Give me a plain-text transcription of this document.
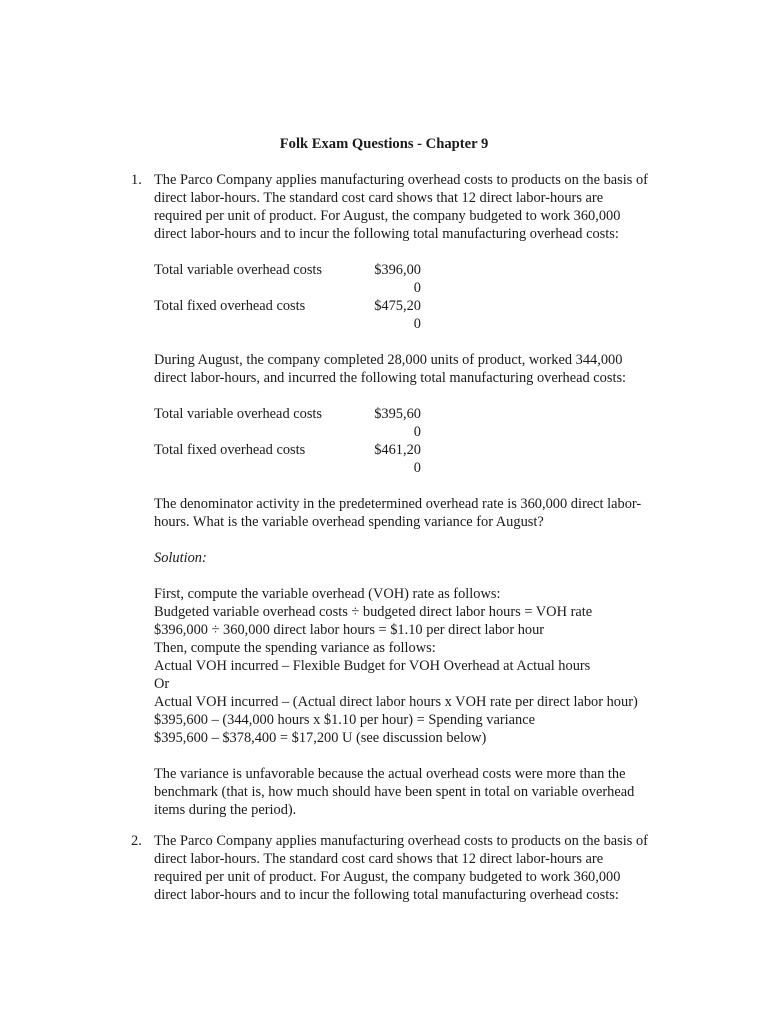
Folk Exam Questions - Chapter 9
1. The Parco Company applies manufacturing overhead costs to products on the basis of

direct labor-hours. The standard cost card shows that 12 direct labor-hours are

required per unit of product. For August, the company budgeted to work 360,000

direct labor-hours and to incur the following total manufacturing overhead costs:

Total variable overhead costs	$396,00
0
Total fixed overhead costs	$475,20
0

During August, the company completed 28,000 units of product, worked 344,000

direct labor-hours, and incurred the following total manufacturing overhead costs:

Total variable overhead costs	$395,60
0
Total fixed overhead costs	$461,20
0

The denominator activity in the predetermined overhead rate is 360,000 direct labor-

hours. What is the variable overhead spending variance for August?

Solution:

First, compute the variable overhead (VOH) rate as follows:

Budgeted variable overhead costs ÷ budgeted direct labor hours = VOH rate

$396,000 ÷ 360,000 direct labor hours = $1.10 per direct labor hour

Then, compute the spending variance as follows:

Actual VOH incurred – Flexible Budget for VOH Overhead at Actual hours

Or

Actual VOH incurred – (Actual direct labor hours x VOH rate per direct labor hour)

$395,600 – (344,000 hours x $1.10 per hour) = Spending variance

$395,600 – $378,400 = $17,200 U (see discussion below)

The variance is unfavorable because the actual overhead costs were more than the

benchmark (that is, how much should have been spent in total on variable overhead

items during the period).

2. The Parco Company applies manufacturing overhead costs to products on the basis of

direct labor-hours. The standard cost card shows that 12 direct labor-hours are

required per unit of product. For August, the company budgeted to work 360,000

direct labor-hours and to incur the following total manufacturing overhead costs:
